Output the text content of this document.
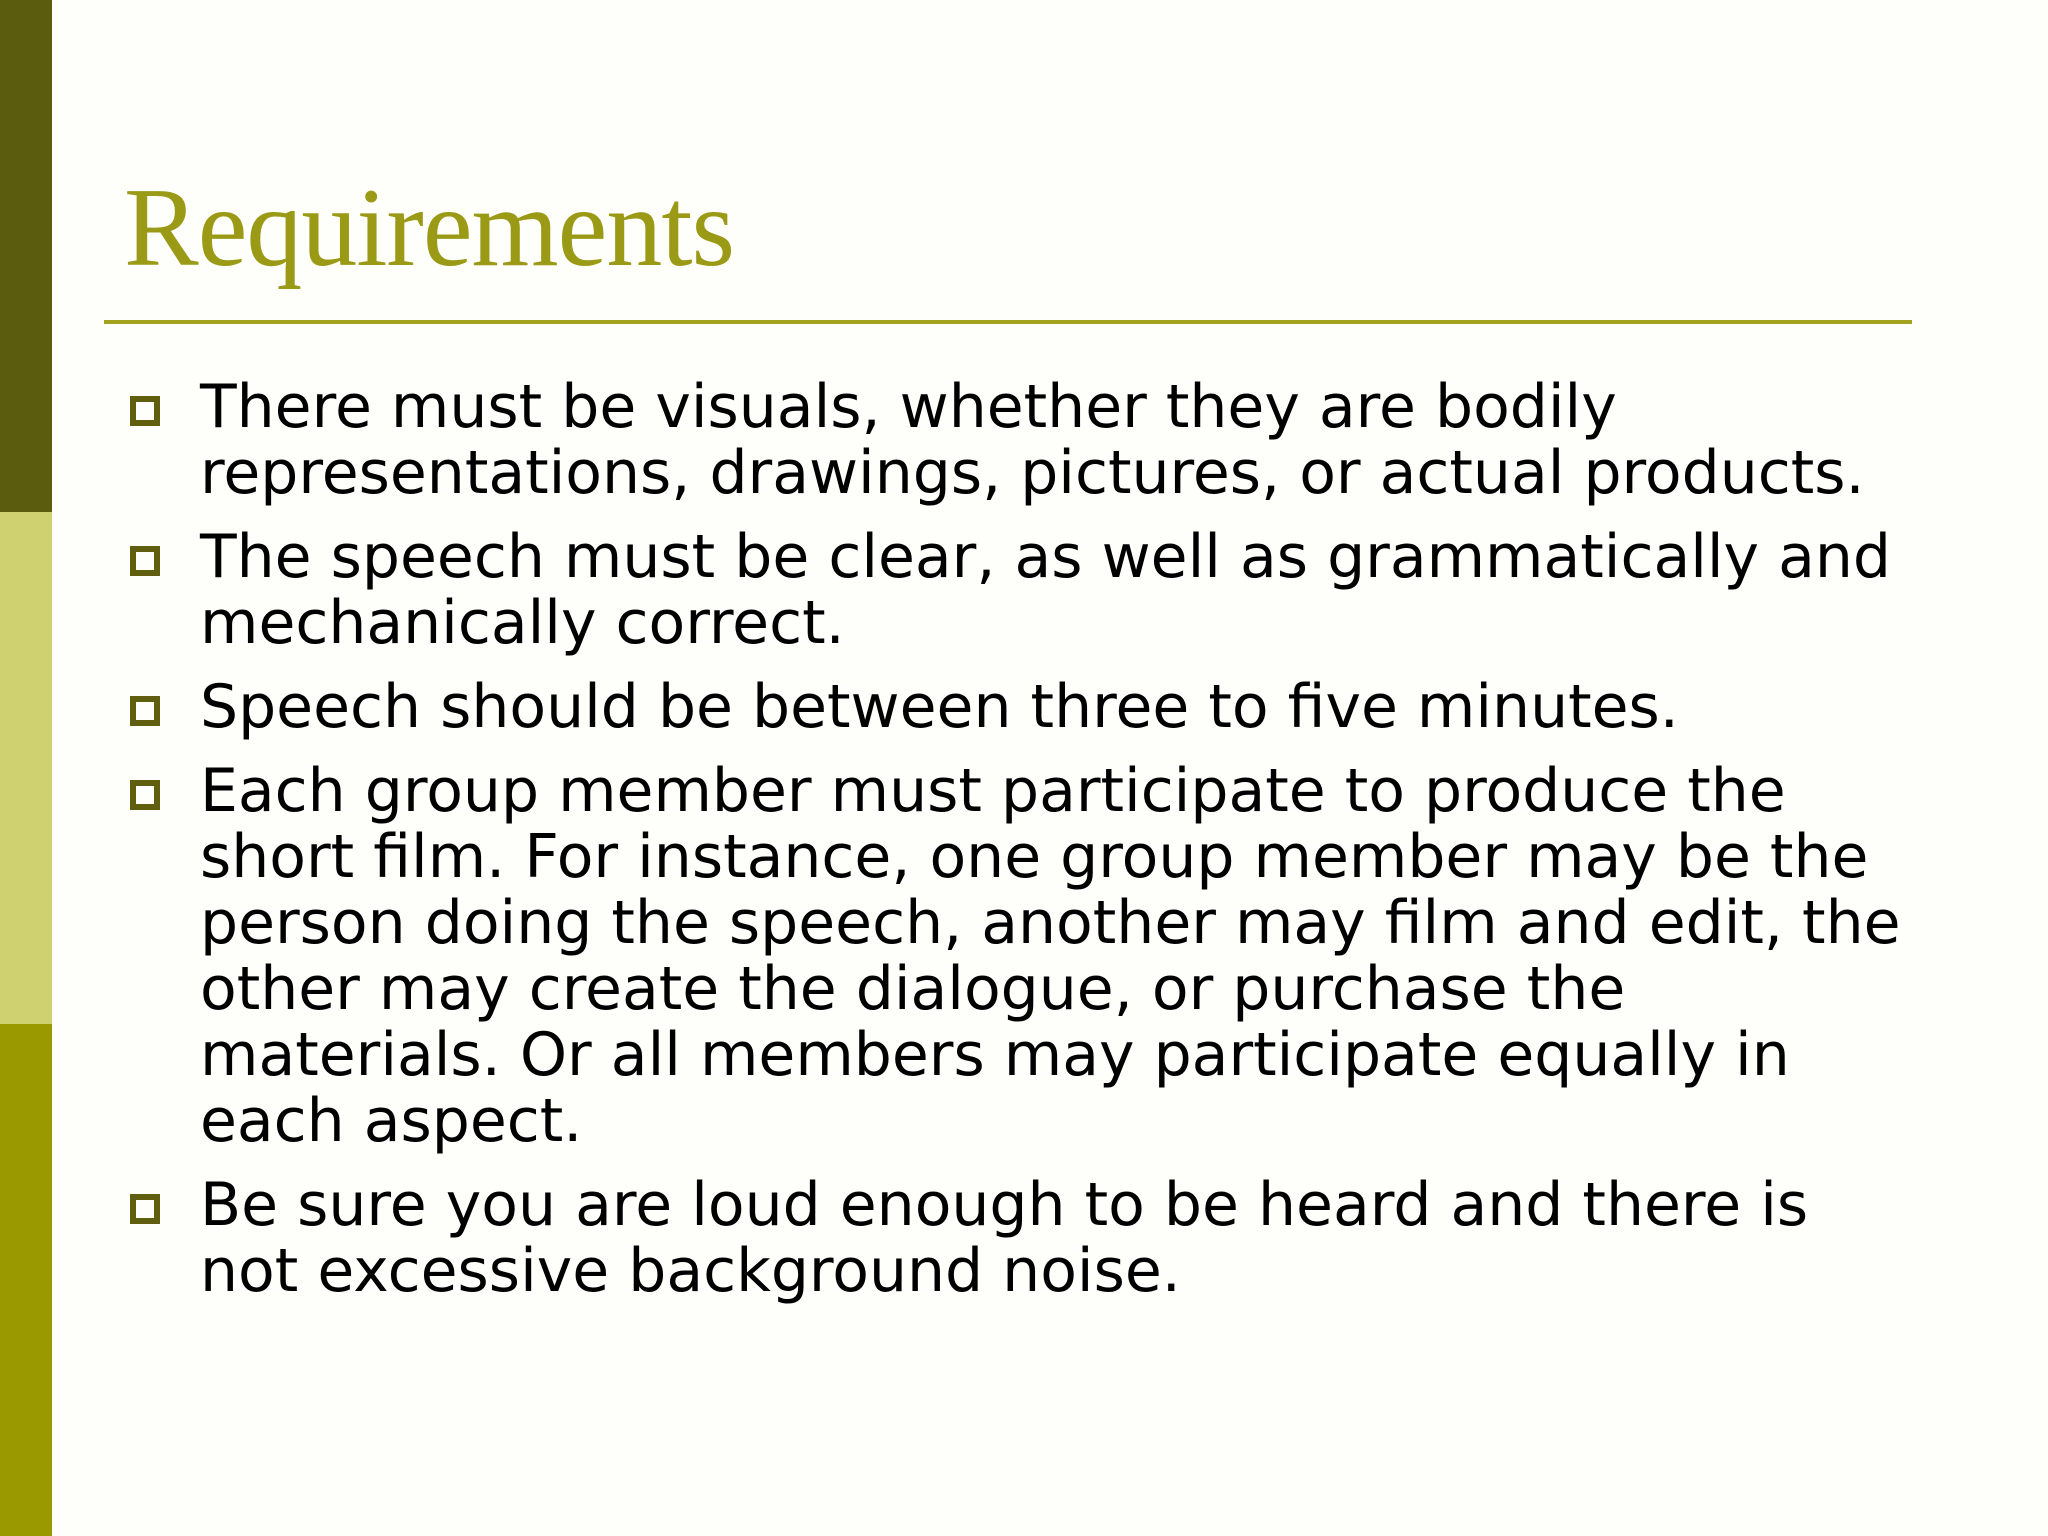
Requirements
There must be visuals, whether they are bodily representations, drawings, pictures, or actual products.
The speech must be clear, as well as grammatically and mechanically correct.
Speech should be between three to five minutes.
Each group member must participate to produce the short film. For instance, one group member may be the person doing the speech, another may film and edit, the other may create the dialogue, or purchase the materials. Or all members may participate equally in each aspect.
Be sure you are loud enough to be heard and there is not excessive background noise.
